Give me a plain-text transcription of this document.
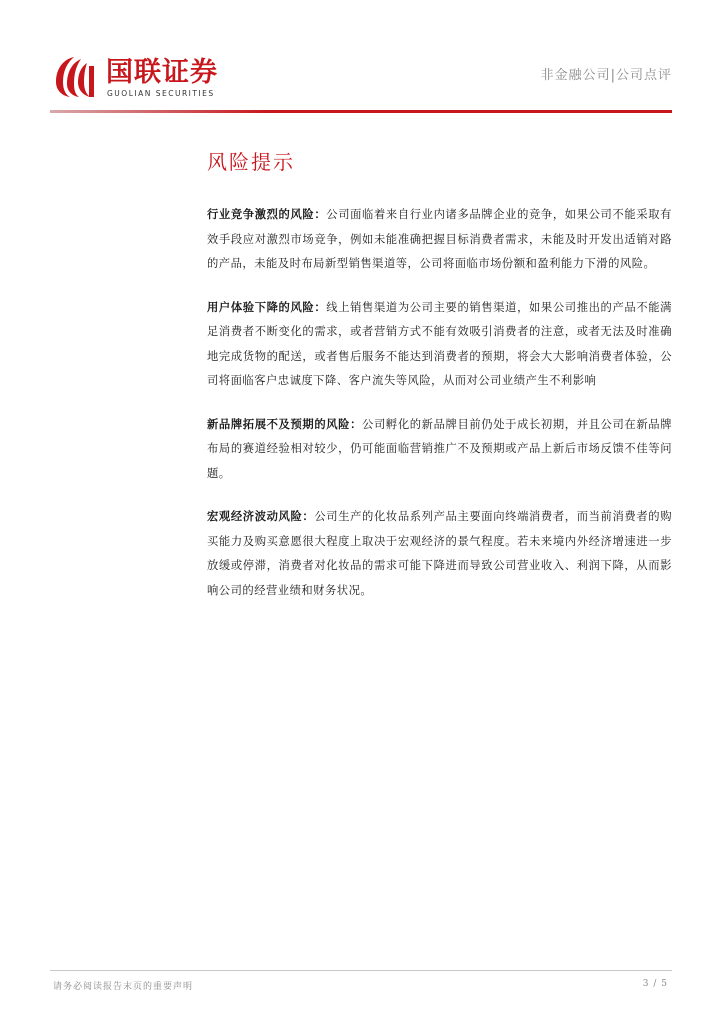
国联证券
GUOLIAN SECURITIES
非金融公司|公司点评
风险提示

行业竞争激烈的风险：公司面临着来自行业内诸多品牌企业的竞争，如果公司不能采取有效手段应对激烈市场竞争，例如未能准确把握目标消费者需求，未能及时开发出适销对路的产品，未能及时布局新型销售渠道等，公司将面临市场份额和盈利能力下滑的风险。

用户体验下降的风险：线上销售渠道为公司主要的销售渠道，如果公司推出的产品不能满足消费者不断变化的需求，或者营销方式不能有效吸引消费者的注意，或者无法及时准确地完成货物的配送，或者售后服务不能达到消费者的预期，将会大大影响消费者体验，公司将面临客户忠诚度下降、客户流失等风险，从而对公司业绩产生不利影响

新品牌拓展不及预期的风险：公司孵化的新品牌目前仍处于成长初期，并且公司在新品牌布局的赛道经验相对较少，仍可能面临营销推广不及预期或产品上新后市场反馈不佳等问题。

宏观经济波动风险：公司生产的化妆品系列产品主要面向终端消费者，而当前消费者的购买能力及购买意愿很大程度上取决于宏观经济的景气程度。若未来境内外经济增速进一步放缓或停滞，消费者对化妆品的需求可能下降进而导致公司营业收入、利润下降，从而影响公司的经营业绩和财务状况。

请务必阅读报告末页的重要声明	3 / 5
